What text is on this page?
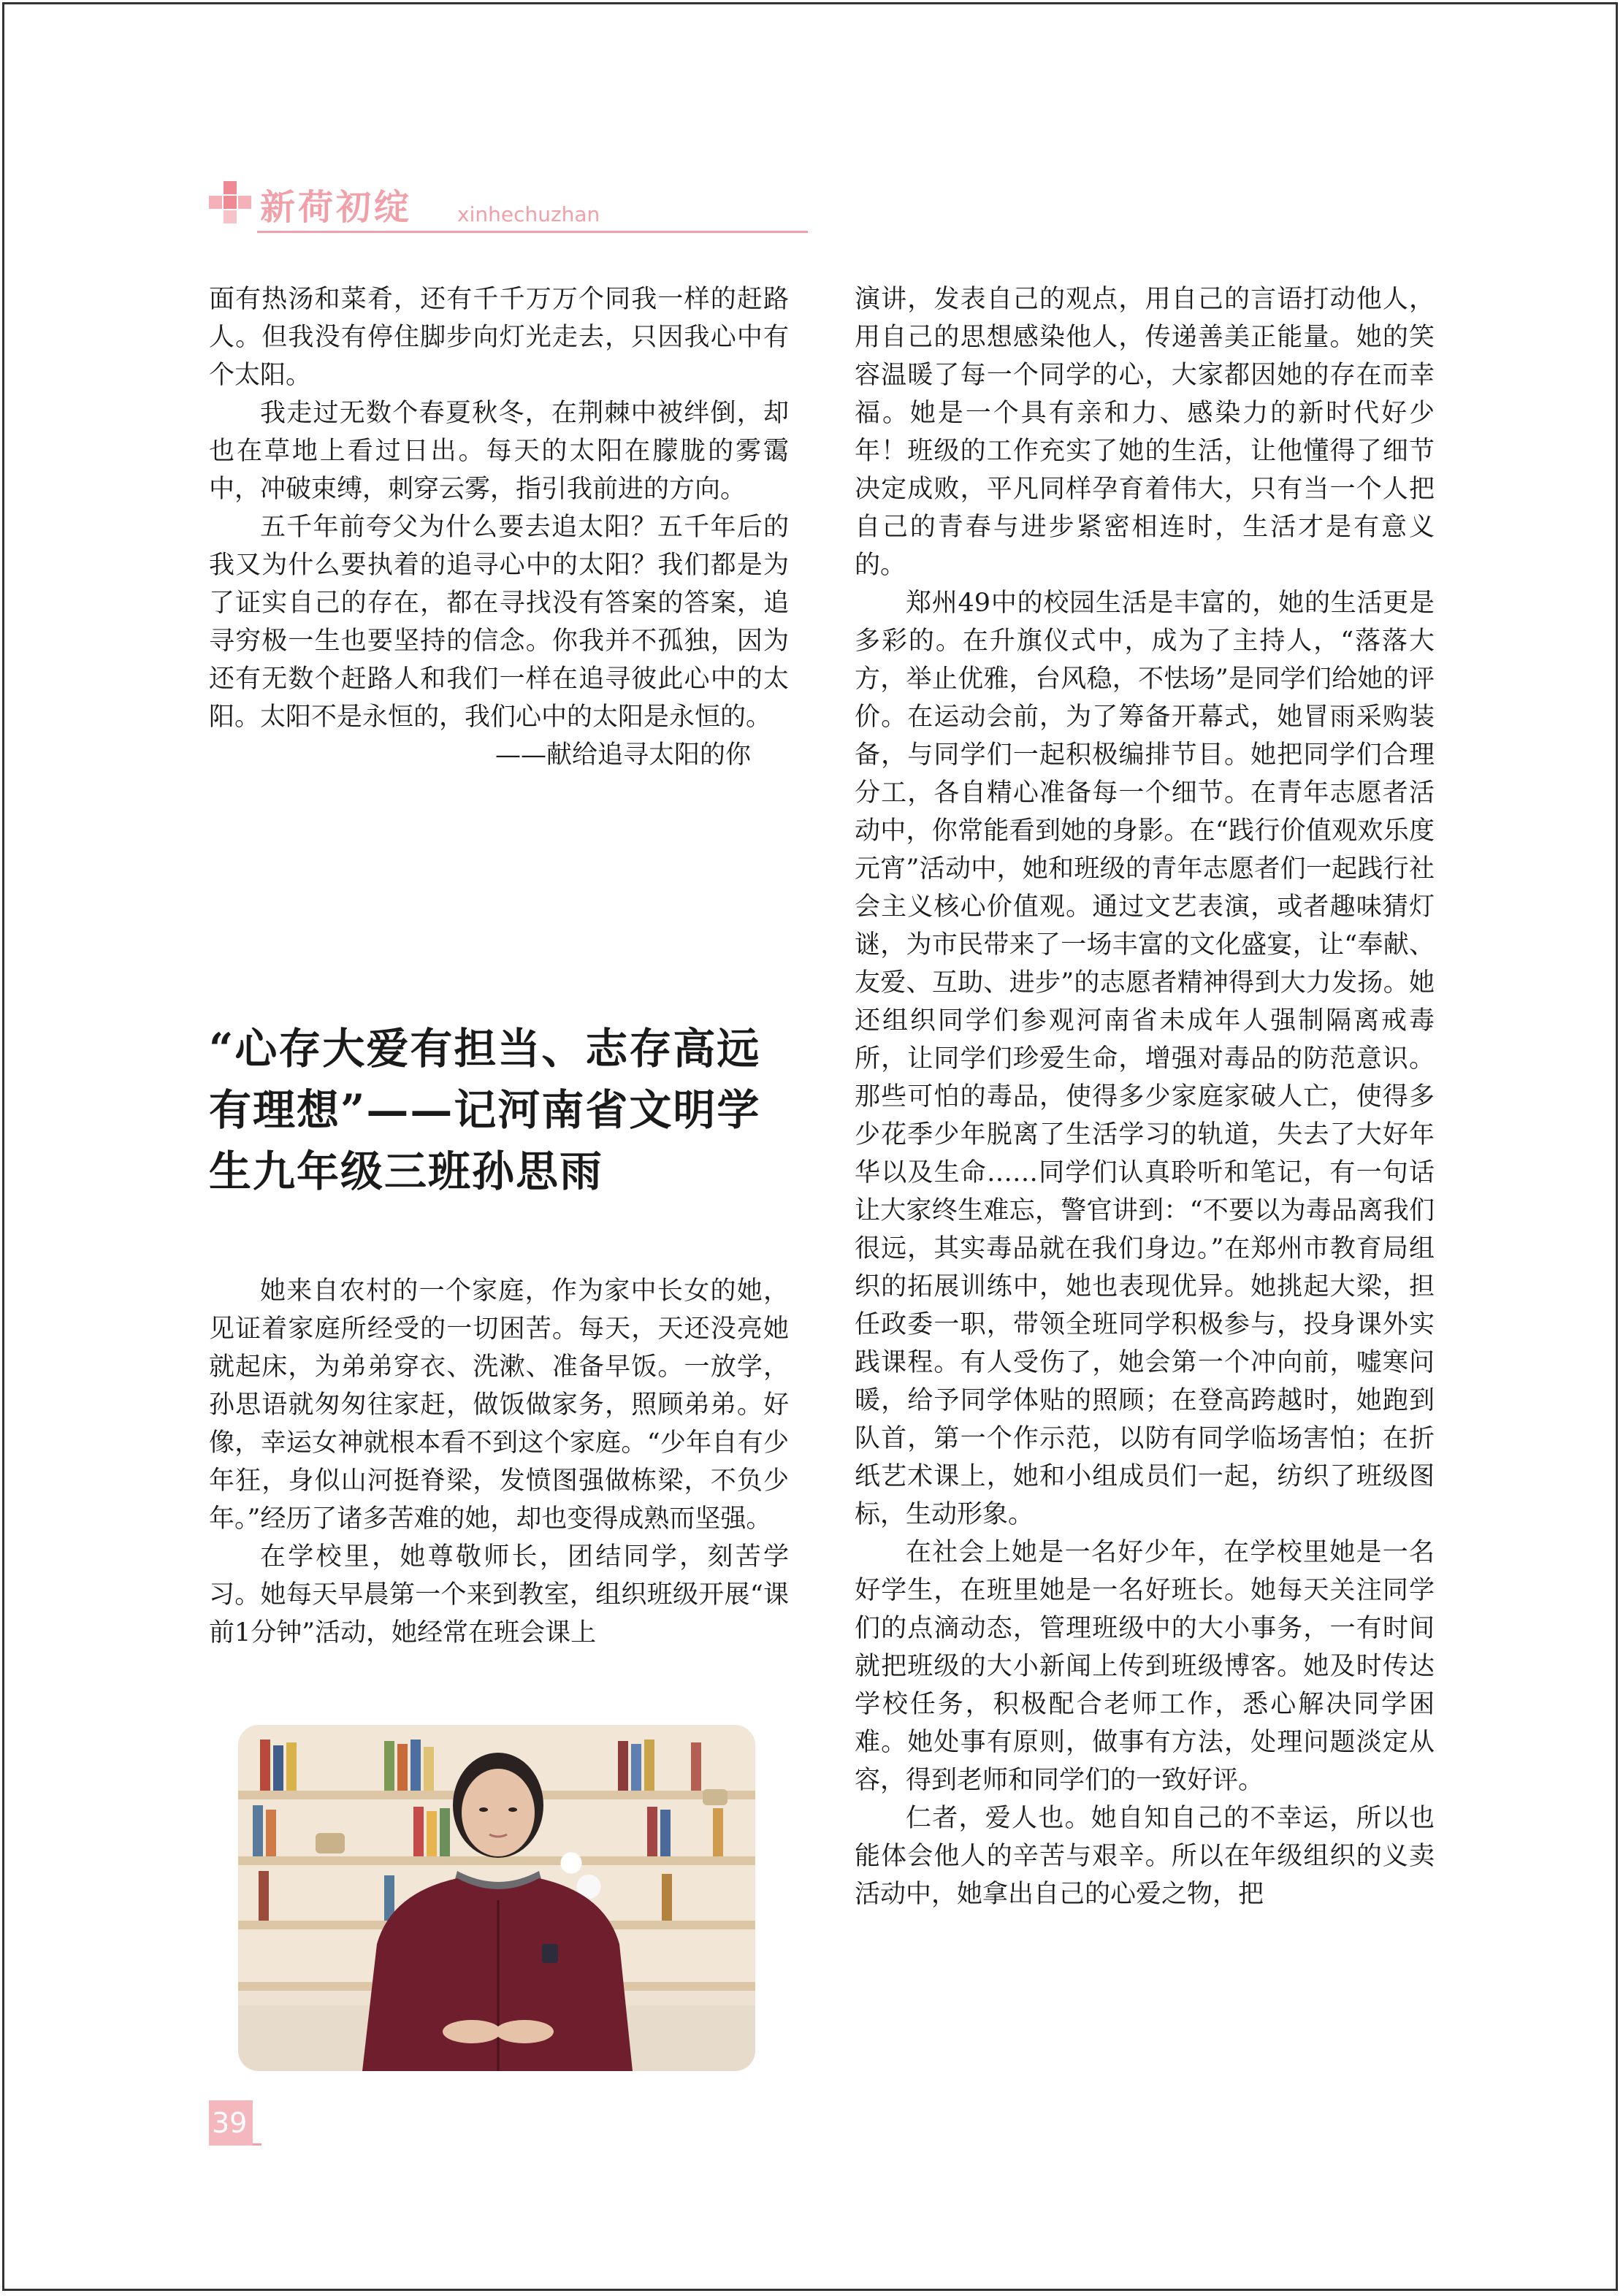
新荷初绽 xinhechuzhan

面有热汤和菜肴，还有千千万万个同我一样的赶路人。但我没有停住脚步向灯光走去，只因我心中有个太阳。

我走过无数个春夏秋冬，在荆棘中被绊倒，却也在草地上看过日出。每天的太阳在朦胧的雾霭中，冲破束缚，刺穿云雾，指引我前进的方向。

五千年前夸父为什么要去追太阳？五千年后的我又为什么要执着的追寻心中的太阳？我们都是为了证实自己的存在，都在寻找没有答案的答案，追寻穷极一生也要坚持的信念。你我并不孤独，因为还有无数个赶路人和我们一样在追寻彼此心中的太阳。太阳不是永恒的，我们心中的太阳是永恒的。

——献给追寻太阳的你

“心存大爱有担当、志存高远有理想”——记河南省文明学生九年级三班孙思雨

她来自农村的一个家庭，作为家中长女的她，见证着家庭所经受的一切困苦。每天，天还没亮她就起床，为弟弟穿衣、洗漱、准备早饭。一放学，孙思语就匆匆往家赶，做饭做家务，照顾弟弟。好像，幸运女神就根本看不到这个家庭。“少年自有少年狂，身似山河挺脊梁，发愤图强做栋梁，不负少年。”经历了诸多苦难的她，却也变得成熟而坚强。

在学校里，她尊敬师长，团结同学，刻苦学习。她每天早晨第一个来到教室，组织班级开展“课前1分钟”活动，她经常在班会课上

演讲，发表自己的观点，用自己的言语打动他人，用自己的思想感染他人，传递善美正能量。她的笑容温暖了每一个同学的心，大家都因她的存在而幸福。她是一个具有亲和力、感染力的新时代好少年！班级的工作充实了她的生活，让他懂得了细节决定成败，平凡同样孕育着伟大，只有当一个人把自己的青春与进步紧密相连时，生活才是有意义的。

郑州49中的校园生活是丰富的，她的生活更是多彩的。在升旗仪式中，成为了主持人，“落落大方，举止优雅，台风稳，不怯场”是同学们给她的评价。在运动会前，为了筹备开幕式，她冒雨采购装备，与同学们一起积极编排节目。她把同学们合理分工，各自精心准备每一个细节。在青年志愿者活动中，你常能看到她的身影。在“践行价值观欢乐度元宵”活动中，她和班级的青年志愿者们一起践行社会主义核心价值观。通过文艺表演，或者趣味猜灯谜，为市民带来了一场丰富的文化盛宴，让“奉献、友爱、互助、进步”的志愿者精神得到大力发扬。她还组织同学们参观河南省未成年人强制隔离戒毒所，让同学们珍爱生命，增强对毒品的防范意识。那些可怕的毒品，使得多少家庭家破人亡，使得多少花季少年脱离了生活学习的轨道，失去了大好年华以及生命……同学们认真聆听和笔记，有一句话让大家终生难忘，警官讲到：“不要以为毒品离我们很远，其实毒品就在我们身边。”在郑州市教育局组织的拓展训练中，她也表现优异。她挑起大梁，担任政委一职，带领全班同学积极参与，投身课外实践课程。有人受伤了，她会第一个冲向前，嘘寒问暖，给予同学体贴的照顾；在登高跨越时，她跑到队首，第一个作示范，以防有同学临场害怕；在折纸艺术课上，她和小组成员们一起，纺织了班级图标，生动形象。

在社会上她是一名好少年，在学校里她是一名好学生，在班里她是一名好班长。她每天关注同学们的点滴动态，管理班级中的大小事务，一有时间就把班级的大小新闻上传到班级博客。她及时传达学校任务，积极配合老师工作，悉心解决同学困难。她处事有原则，做事有方法，处理问题淡定从容，得到老师和同学们的一致好评。

仁者，爱人也。她自知自己的不幸运，所以也能体会他人的辛苦与艰辛。所以在年级组织的义卖活动中，她拿出自己的心爱之物，把

39
